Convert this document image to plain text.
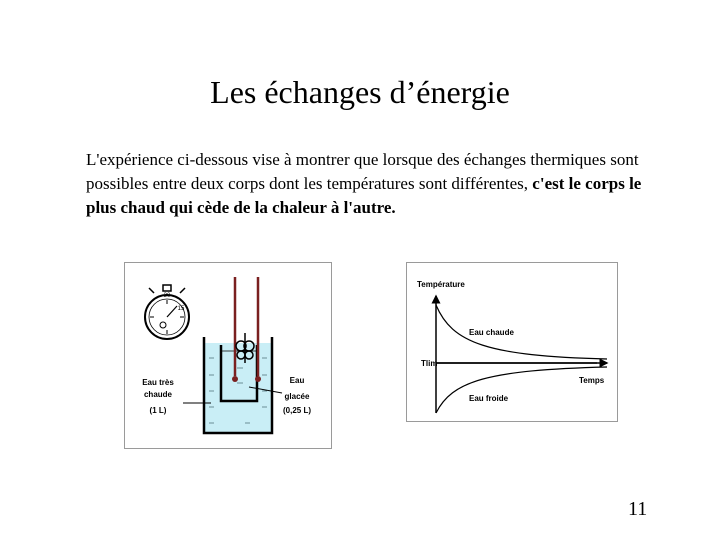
Les échanges d’énergie
L'expérience ci-dessous vise à montrer que lorsque des échanges thermiques sont possibles entre deux corps dont les températures sont différentes, c'est le corps le plus chaud qui cède de la chaleur à l'autre.
30
15
Eau très
chaude
(1 L)
Eau
glacée
(0,25 L)
Température
Temps
Tlim
Eau chaude
Eau froide
11
